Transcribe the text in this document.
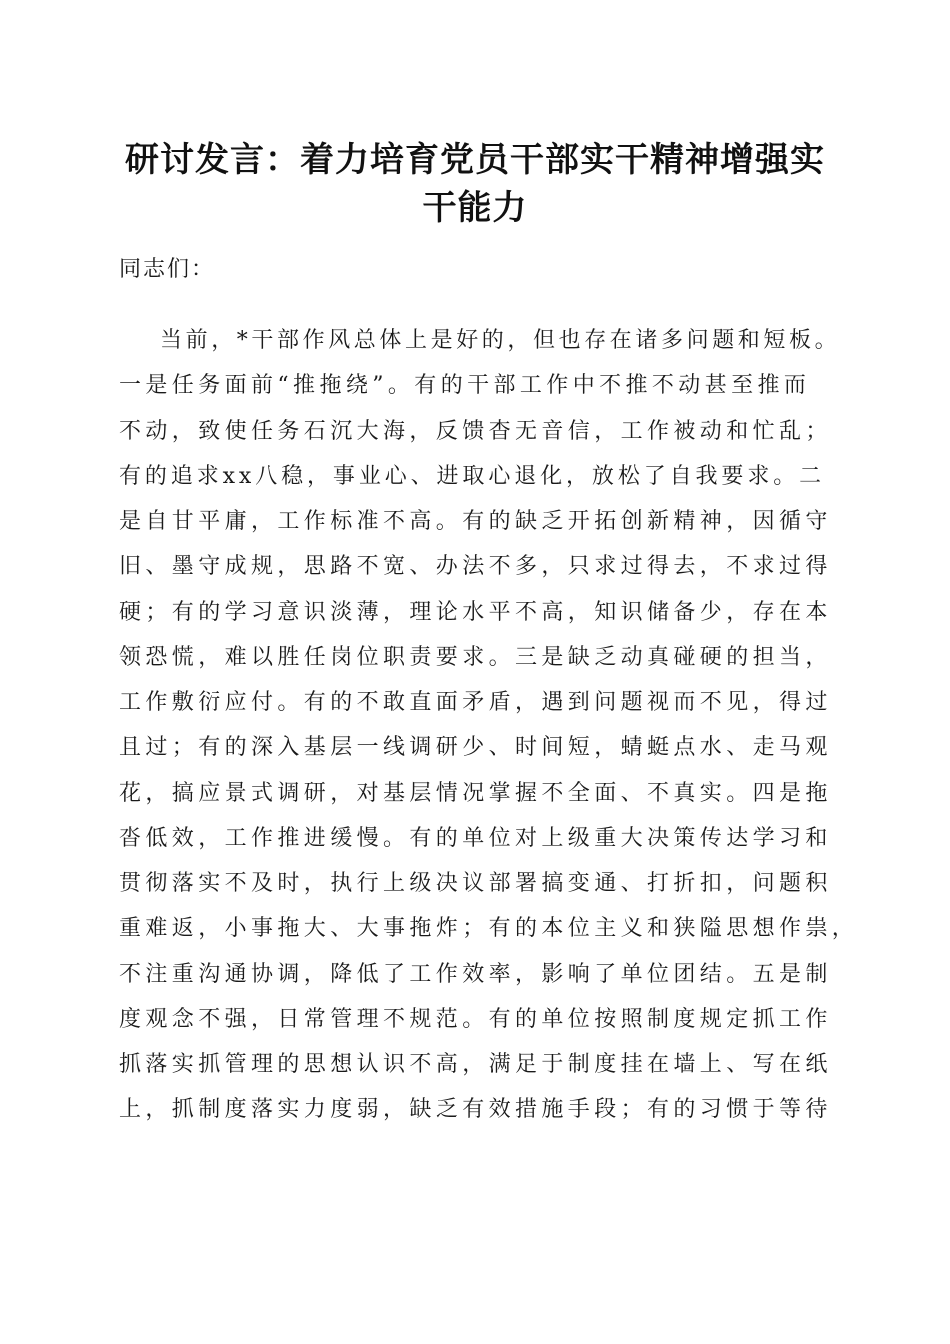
研讨发言：着力培育党员干部实干精神增强实
干能力
同志们：
当前，*干部作风总体上是好的，但也存在诸多问题和短板。
一是任务面前“推拖绕”。有的干部工作中不推不动甚至推而
不动，致使任务石沉大海，反馈杳无音信，工作被动和忙乱；
有的追求xx八稳，事业心、进取心退化，放松了自我要求。二
是自甘平庸，工作标准不高。有的缺乏开拓创新精神，因循守
旧、墨守成规，思路不宽、办法不多，只求过得去，不求过得
硬；有的学习意识淡薄，理论水平不高，知识储备少，存在本
领恐慌，难以胜任岗位职责要求。三是缺乏动真碰硬的担当，
工作敷衍应付。有的不敢直面矛盾，遇到问题视而不见，得过
且过；有的深入基层一线调研少、时间短，蜻蜓点水、走马观
花，搞应景式调研，对基层情况掌握不全面、不真实。四是拖
沓低效，工作推进缓慢。有的单位对上级重大决策传达学习和
贯彻落实不及时，执行上级决议部署搞变通、打折扣，问题积
重难返，小事拖大、大事拖炸；有的本位主义和狭隘思想作祟，
不注重沟通协调，降低了工作效率，影响了单位团结。五是制
度观念不强，日常管理不规范。有的单位按照制度规定抓工作
抓落实抓管理的思想认识不高，满足于制度挂在墙上、写在纸
上，抓制度落实力度弱，缺乏有效措施手段；有的习惯于等待
